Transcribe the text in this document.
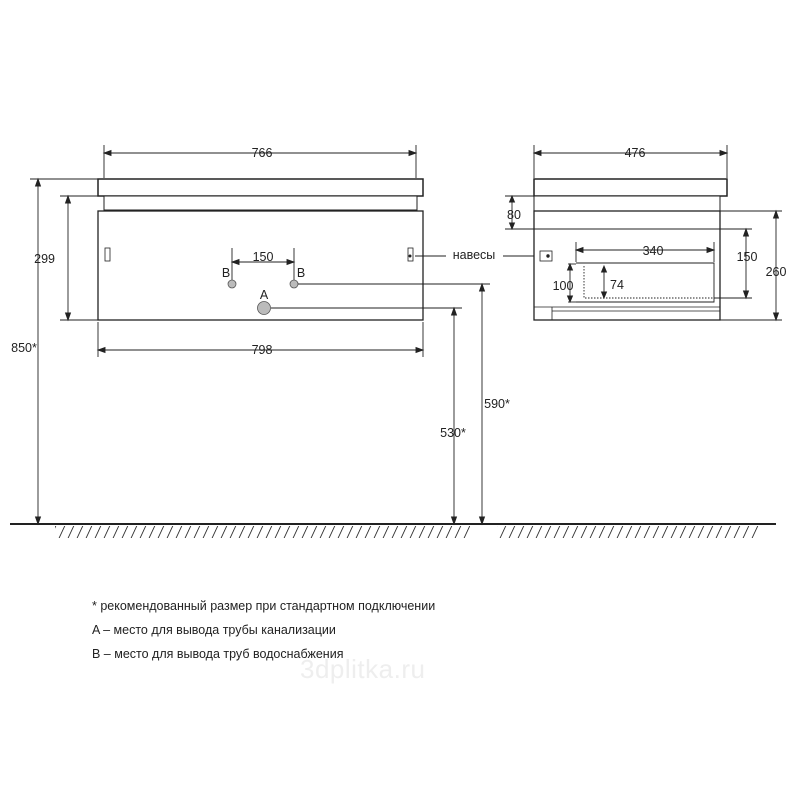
766
798
299
850*
150
B	B
A
590*
530*
навесы
476
80
340	150
260
100	74
* рекомендованный размер при стандартном подключении
A – место для вывода трубы канализации
B – место для вывода труб водоснабжения
3dplitka.ru
